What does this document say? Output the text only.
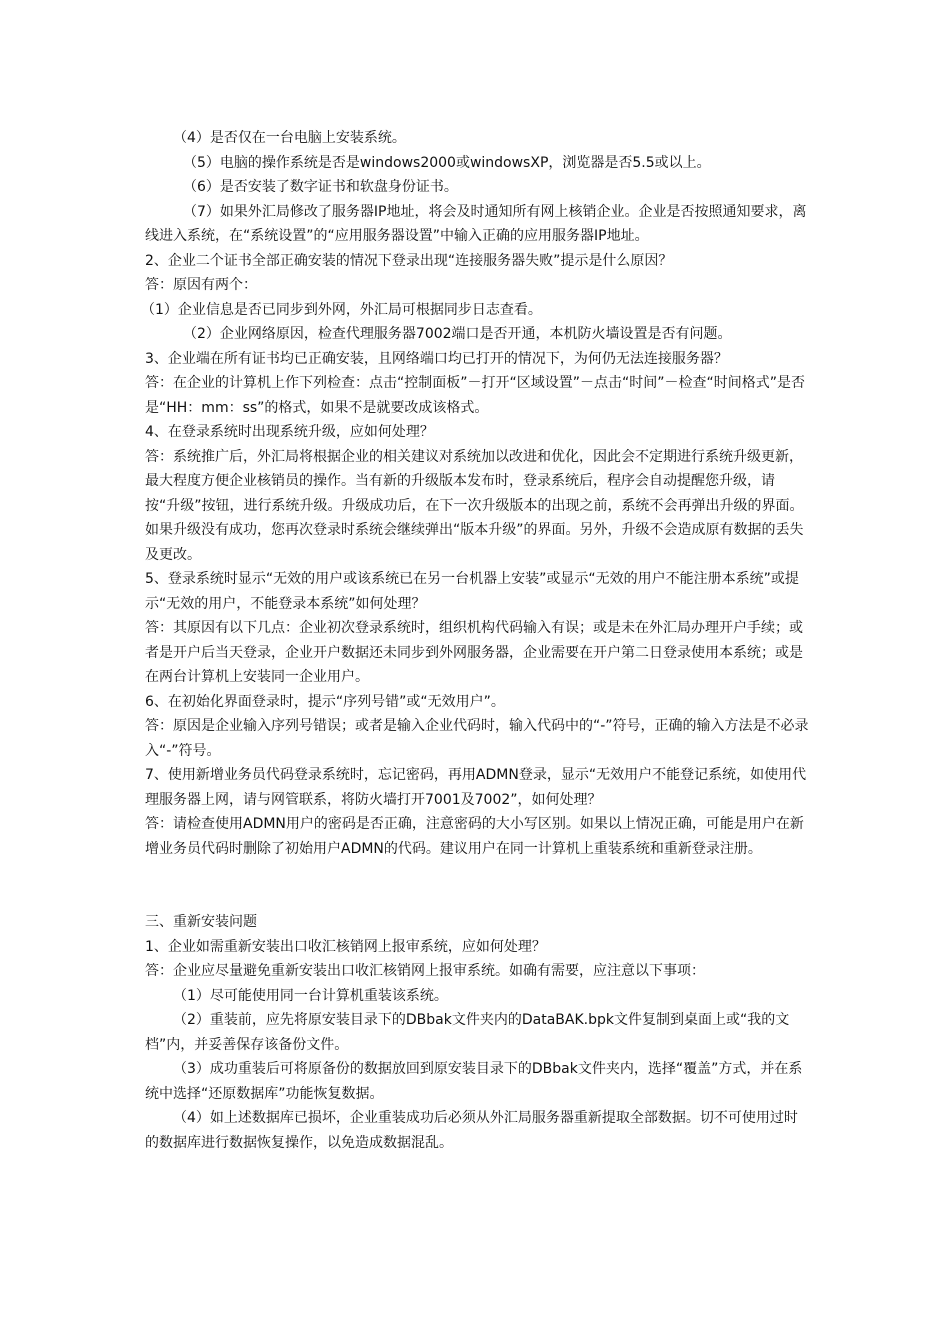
（4）是否仅在一台电脑上安装系统。

（5）电脑的操作系统是否是windows2000或windowsXP，浏览器是否5.5或以上。

（6）是否安装了数字证书和软盘身份证书。

（7）如果外汇局修改了服务器IP地址，将会及时通知所有网上核销企业。企业是否按照通知要求，离线进入系统，在“系统设置”的“应用服务器设置”中输入正确的应用服务器IP地址。

2、企业二个证书全部正确安装的情况下登录出现“连接服务器失败”提示是什么原因？

答：原因有两个：

（1）企业信息是否已同步到外网，外汇局可根据同步日志查看。

（2）企业网络原因，检查代理服务器7002端口是否开通，本机防火墙设置是否有问题。

3、企业端在所有证书均已正确安装，且网络端口均已打开的情况下，为何仍无法连接服务器？

答：在企业的计算机上作下列检查：点击“控制面板”－打开“区域设置”－点击“时间”－检查“时间格式”是否是“HH：mm：ss”的格式，如果不是就要改成该格式。

4、在登录系统时出现系统升级，应如何处理？

答：系统推广后，外汇局将根据企业的相关建议对系统加以改进和优化，因此会不定期进行系统升级更新，最大程度方便企业核销员的操作。当有新的升级版本发布时，登录系统后，程序会自动提醒您升级，请按“升级”按钮，进行系统升级。升级成功后，在下一次升级版本的出现之前，系统不会再弹出升级的界面。如果升级没有成功，您再次登录时系统会继续弹出“版本升级”的界面。另外，升级不会造成原有数据的丢失及更改。

5、登录系统时显示“无效的用户或该系统已在另一台机器上安装”或显示“无效的用户不能注册本系统”或提示“无效的用户，不能登录本系统”如何处理？

答：其原因有以下几点：企业初次登录系统时，组织机构代码输入有误；或是未在外汇局办理开户手续；或者是开户后当天登录，企业开户数据还未同步到外网服务器，企业需要在开户第二日登录使用本系统；或是在两台计算机上安装同一企业用户。

6、在初始化界面登录时，提示“序列号错”或“无效用户”。

答：原因是企业输入序列号错误；或者是输入企业代码时，输入代码中的“-”符号，正确的输入方法是不必录入“-”符号。

7、使用新增业务员代码登录系统时，忘记密码，再用ADMN登录，显示“无效用户不能登记系统，如使用代理服务器上网，请与网管联系，将防火墙打开7001及7002”，如何处理？

答：请检查使用ADMN用户的密码是否正确，注意密码的大小写区别。如果以上情况正确，可能是用户在新增业务员代码时删除了初始用户ADMN的代码。建议用户在同一计算机上重装系统和重新登录注册。

三、重新安装问题

1、企业如需重新安装出口收汇核销网上报审系统，应如何处理？

答：企业应尽量避免重新安装出口收汇核销网上报审系统。如确有需要，应注意以下事项：

（1）尽可能使用同一台计算机重装该系统。

（2）重装前，应先将原安装目录下的DBbak文件夹内的DataBAK.bpk文件复制到桌面上或“我的文档”内，并妥善保存该备份文件。

（3）成功重装后可将原备份的数据放回到原安装目录下的DBbak文件夹内，选择“覆盖”方式，并在系统中选择“还原数据库”功能恢复数据。

（4）如上述数据库已损坏，企业重装成功后必须从外汇局服务器重新提取全部数据。切不可使用过时的数据库进行数据恢复操作，以免造成数据混乱。
